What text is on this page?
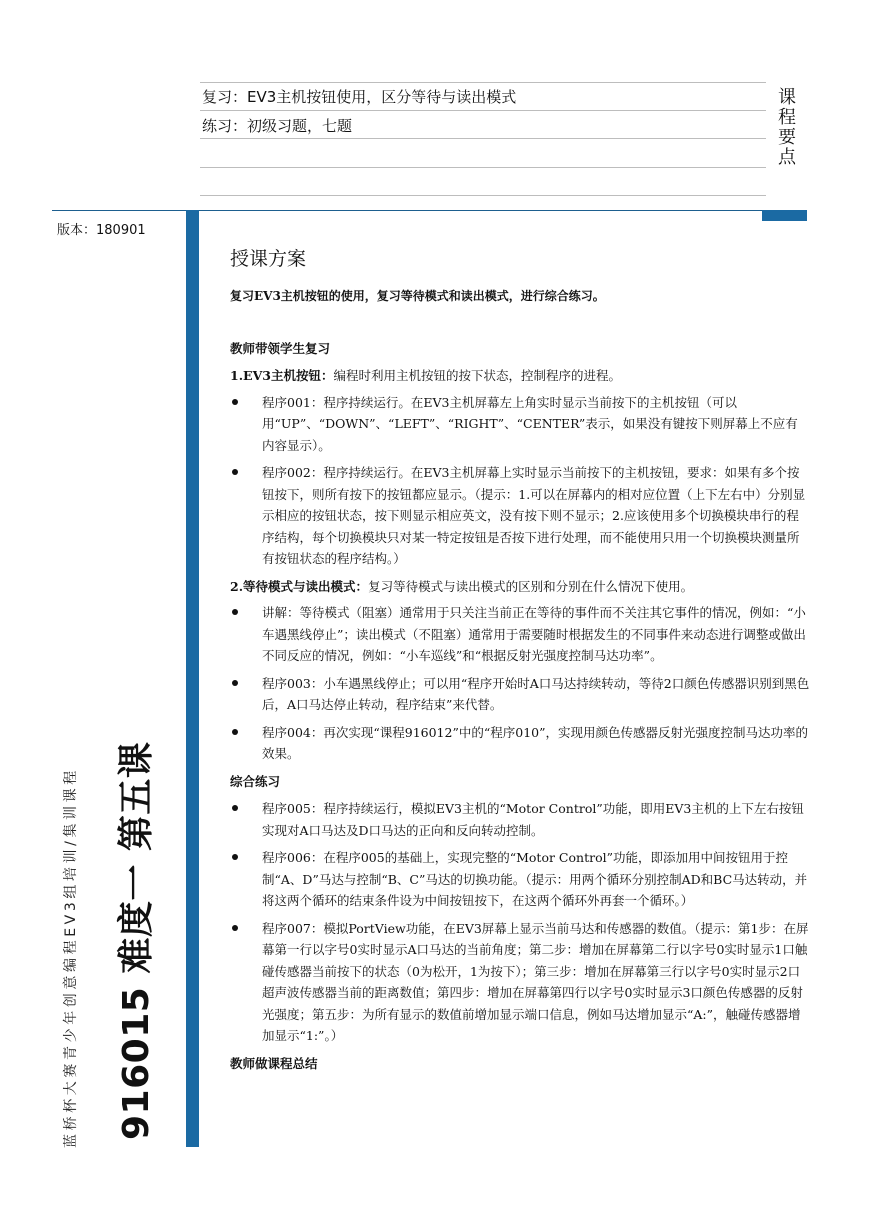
复习：EV3主机按钮使用，区分等待与读出模式
练习：初级习题，七题
课程要点
版本：180901
蓝桥杯大赛青少年创意编程EV3组培训/集训课程 916015 难度一 第五课
授课方案

复习EV3主机按钮的使用，复习等待模式和读出模式，进行综合练习。

教师带领学生复习

1.EV3主机按钮：编程时利用主机按钮的按下状态，控制程序的进程。

程序001：程序持续运行。在EV3主机屏幕左上角实时显示当前按下的主机按钮（可以用“UP”、“DOWN”、“LEFT”、“RIGHT”、“CENTER”表示，如果没有键按下则屏幕上不应有内容显示）。
程序002：程序持续运行。在EV3主机屏幕上实时显示当前按下的主机按钮，要求：如果有多个按钮按下，则所有按下的按钮都应显示。（提示：1.可以在屏幕内的相对应位置（上下左右中）分别显示相应的按钮状态，按下则显示相应英文，没有按下则不显示；2.应该使用多个切换模块串行的程序结构，每个切换模块只对某一特定按钮是否按下进行处理，而不能使用只用一个切换模块测量所有按钮状态的程序结构。）

2.等待模式与读出模式：复习等待模式与读出模式的区别和分别在什么情况下使用。

讲解：等待模式（阻塞）通常用于只关注当前正在等待的事件而不关注其它事件的情况，例如：“小车遇黑线停止”；读出模式（不阻塞）通常用于需要随时根据发生的不同事件来动态进行调整或做出不同反应的情况，例如：“小车巡线”和“根据反射光强度控制马达功率”。
程序003：小车遇黑线停止；可以用“程序开始时A口马达持续转动，等待2口颜色传感器识别到黑色后，A口马达停止转动，程序结束”来代替。
程序004：再次实现“课程916012”中的“程序010”，实现用颜色传感器反射光强度控制马达功率的效果。

综合练习

程序005：程序持续运行，模拟EV3主机的“Motor Control”功能，即用EV3主机的上下左右按钮实现对A口马达及D口马达的正向和反向转动控制。
程序006：在程序005的基础上，实现完整的“Motor Control”功能，即添加用中间按钮用于控制“A、D”马达与控制“B、C”马达的切换功能。（提示：用两个循环分别控制AD和BC马达转动，并将这两个循环的结束条件设为中间按钮按下，在这两个循环外再套一个循环。）
程序007：模拟PortView功能，在EV3屏幕上显示当前马达和传感器的数值。（提示：第1步：在屏幕第一行以字号0实时显示A口马达的当前角度；第二步：增加在屏幕第二行以字号0实时显示1口触碰传感器当前按下的状态（0为松开，1为按下）；第三步：增加在屏幕第三行以字号0实时显示2口超声波传感器当前的距离数值；第四步：增加在屏幕第四行以字号0实时显示3口颜色传感器的反射光强度；第五步：为所有显示的数值前增加显示端口信息，例如马达增加显示“A:”，触碰传感器增加显示“1:”。）

教师做课程总结
